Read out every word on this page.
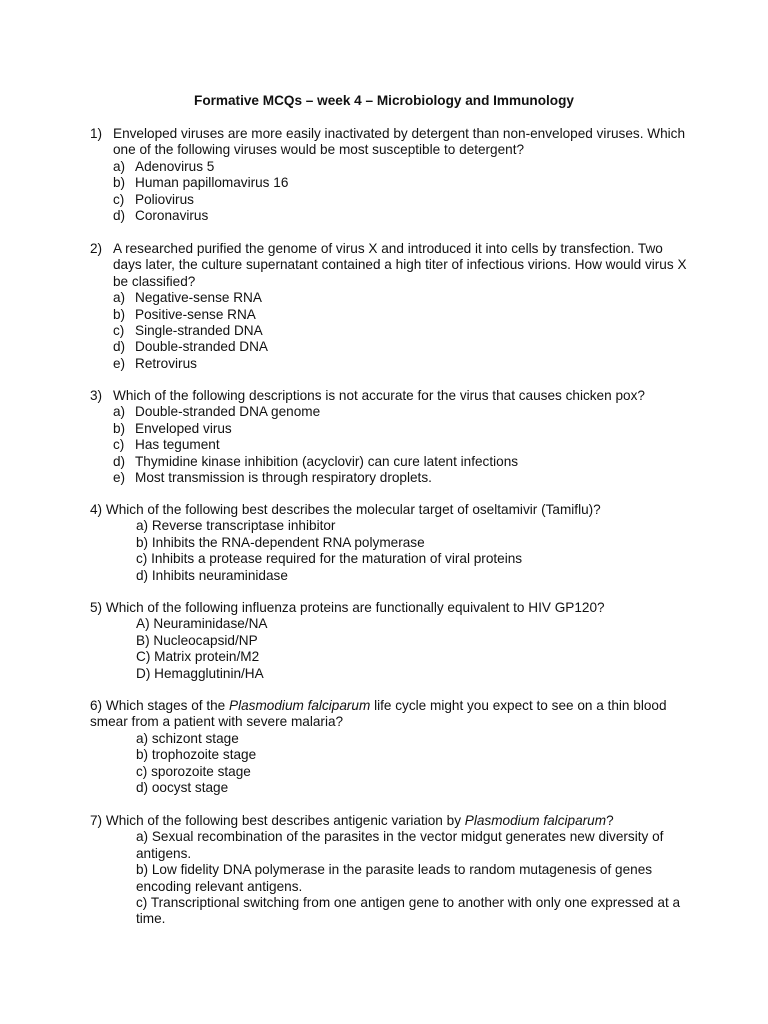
Formative MCQs – week 4 – Microbiology and Immunology
1) Enveloped viruses are more easily inactivated by detergent than non-enveloped viruses. Which one of the following viruses would be most susceptible to detergent?
a) Adenovirus 5
b) Human papillomavirus 16
c) Poliovirus
d) Coronavirus
2) A researched purified the genome of virus X and introduced it into cells by transfection. Two days later, the culture supernatant contained a high titer of infectious virions. How would virus X be classified?
a) Negative-sense RNA
b) Positive-sense RNA
c) Single-stranded DNA
d) Double-stranded DNA
e) Retrovirus
3) Which of the following descriptions is not accurate for the virus that causes chicken pox?
a) Double-stranded DNA genome
b) Enveloped virus
c) Has tegument
d) Thymidine kinase inhibition (acyclovir) can cure latent infections
e) Most transmission is through respiratory droplets.
4) Which of the following best describes the molecular target of oseltamivir (Tamiflu)?
a) Reverse transcriptase inhibitor
b) Inhibits the RNA-dependent RNA polymerase
c) Inhibits a protease required for the maturation of viral proteins
d) Inhibits neuraminidase
5) Which of the following influenza proteins are functionally equivalent to HIV GP120?
A) Neuraminidase/NA
B) Nucleocapsid/NP
C) Matrix protein/M2
D) Hemagglutinin/HA
6) Which stages of the Plasmodium falciparum life cycle might you expect to see on a thin blood smear from a patient with severe malaria?
a) schizont stage
b) trophozoite stage
c) sporozoite stage
d) oocyst stage
7) Which of the following best describes antigenic variation by Plasmodium falciparum?
a) Sexual recombination of the parasites in the vector midgut generates new diversity of antigens.
b) Low fidelity DNA polymerase in the parasite leads to random mutagenesis of genes encoding relevant antigens.
c) Transcriptional switching from one antigen gene to another with only one expressed at a time.
